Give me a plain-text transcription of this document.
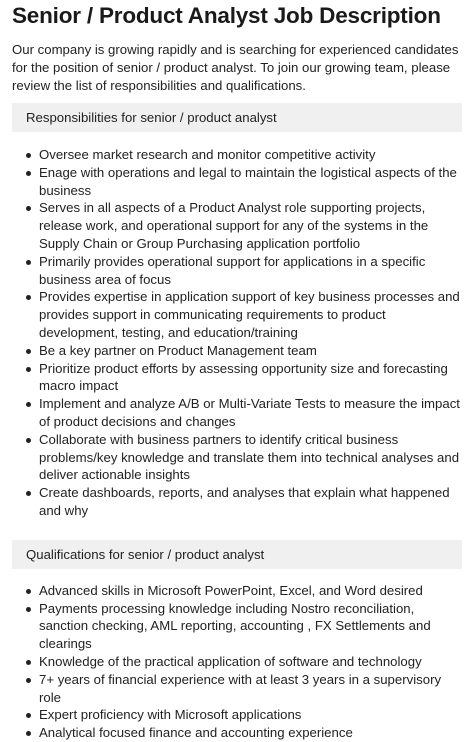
Senior / Product Analyst Job Description

Our company is growing rapidly and is searching for experienced candidates for the position of senior / product analyst. To join our growing team, please review the list of responsibilities and qualifications.

Responsibilities for senior / product analyst
Oversee market research and monitor competitive activity
Enage with operations and legal to maintain the logistical aspects of the business
Serves in all aspects of a Product Analyst role supporting projects, release work, and operational support for any of the systems in the Supply Chain or Group Purchasing application portfolio
Primarily provides operational support for applications in a specific business area of focus
Provides expertise in application support of key business processes and provides support in communicating requirements to product development, testing, and education/training
Be a key partner on Product Management team
Prioritize product efforts by assessing opportunity size and forecasting macro impact
Implement and analyze A/B or Multi-Variate Tests to measure the impact of product decisions and changes
Collaborate with business partners to identify critical business problems/key knowledge and translate them into technical analyses and deliver actionable insights
Create dashboards, reports, and analyses that explain what happened and why
Qualifications for senior / product analyst
Advanced skills in Microsoft PowerPoint, Excel, and Word desired
Payments processing knowledge including Nostro reconciliation, sanction checking, AML reporting, accounting , FX Settlements and clearings
Knowledge of the practical application of software and technology
7+ years of financial experience with at least 3 years in a supervisory role
Expert proficiency with Microsoft applications
Analytical focused finance and accounting experience
